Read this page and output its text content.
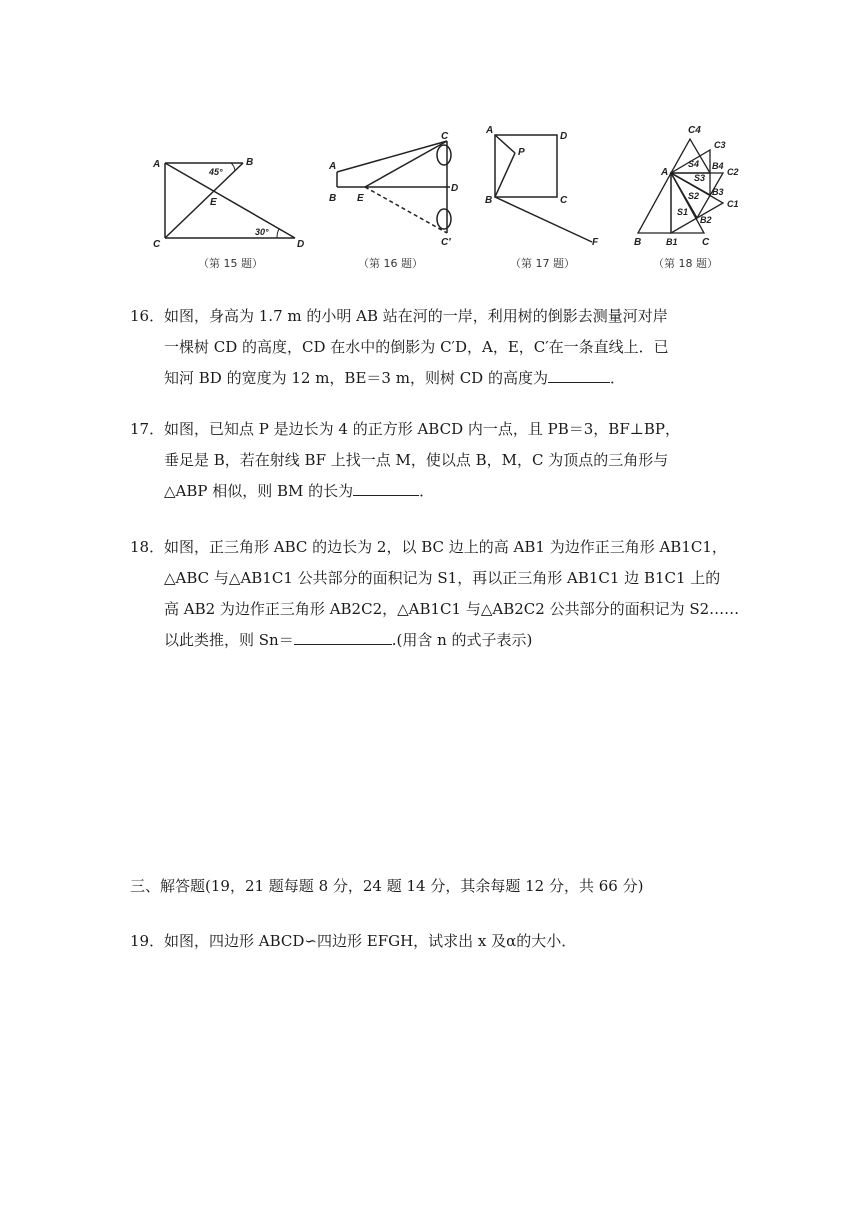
A	B
C	D
E
45°
30°
A
B E
C
D
C′
A
D
P
B	C
F
C4
C3
C2
C1
A
B4
B3
B2
S4
S3
S2
S1
B	B1 C
（第 15 题）	（第 16 题）	（第 17 题）	（第 18 题）
16． 如图，身高为 1.7 m 的小明 AB 站在河的一岸，利用树的倒影去测量河对岸
一棵树 CD 的高度，CD 在水中的倒影为 C′D，A，E，C′在一条直线上．已
知河 BD 的宽度为 12 m，BE＝3 m，则树 CD 的高度为	．
17． 如图，已知点 P 是边长为 4 的正方形 ABCD 内一点，且 PB＝3，BF⊥BP，
垂足是 B，若在射线 BF 上找一点 M，使以点 B，M，C 为顶点的三角形与
△ABP 相似，则 BM 的长为	．
18． 如图，正三角形 ABC 的边长为 2，以 BC 边上的高 AB1 为边作正三角形 AB1C1，
△ABC 与△AB1C1 公共部分的面积记为 S1，再以正三角形 AB1C1 边 B1C1 上的
高 AB2 为边作正三角形 AB2C2，△AB1C1 与△AB2C2 公共部分的面积记为 S2……
以此类推，则 Sn＝	.(用含 n 的式子表示)
三、解答题(19，21 题每题 8 分，24 题 14 分，其余每题 12 分，共 66 分)
19． 如图，四边形 ABCD∽四边形 EFGH，试求出 x 及α的大小．
